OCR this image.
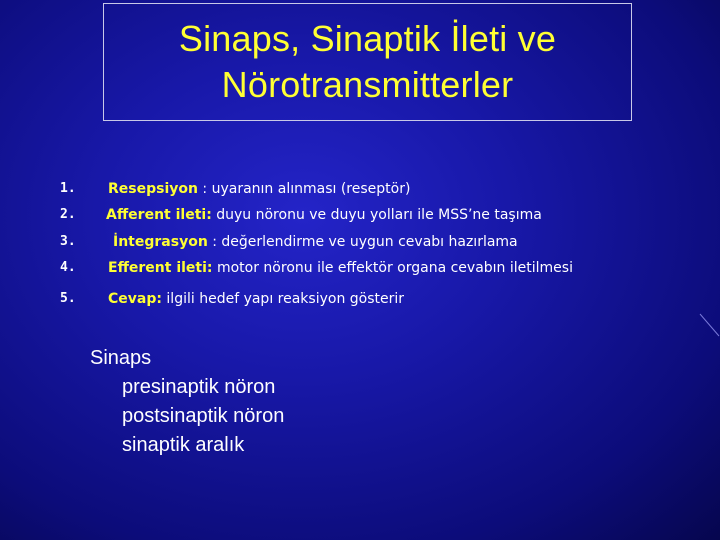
Sinaps, Sinaptik İleti ve
Nörotransmitterler
1. Resepsiyon : uyaranın alınması (reseptör)
2. Afferent ileti: duyu nöronu ve duyu yolları ile MSS’ne taşıma
3.	İntegrasyon : değerlendirme ve uygun cevabı hazırlama
4. Efferent ileti: motor nöronu ile effektör organa cevabın iletilmesi
5. Cevap: ilgili hedef yapı reaksiyon gösterir
Sinaps
presinaptik nöron
postsinaptik nöron
sinaptik aralık
